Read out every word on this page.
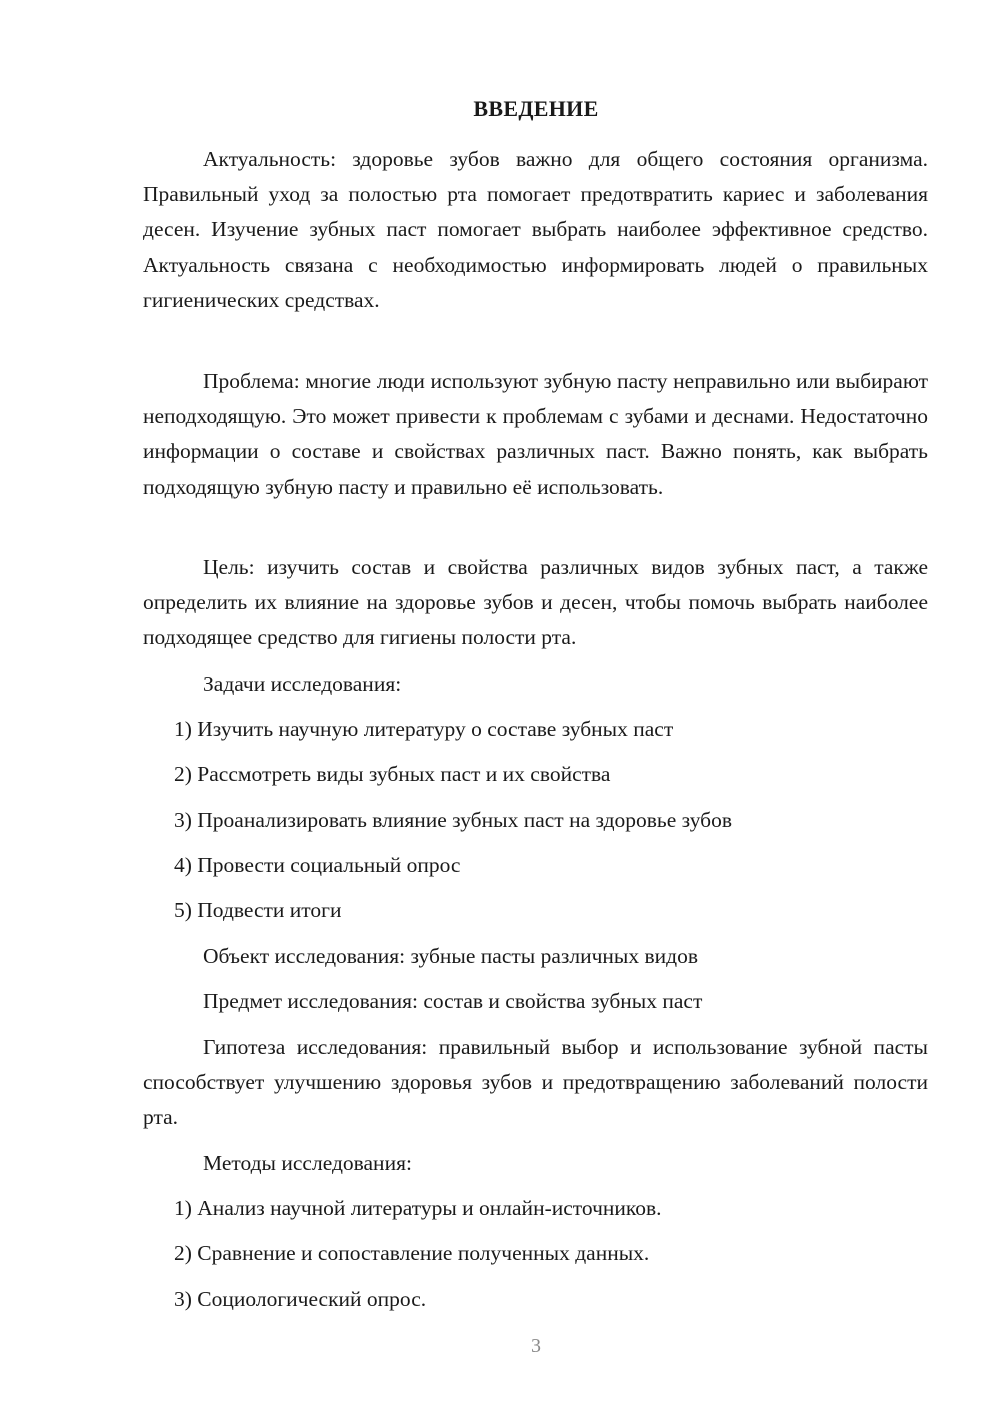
ВВЕДЕНИЕ
Актуальность: здоровье зубов важно для общего состояния организма. Правильный уход за полостью рта помогает предотвратить кариес и заболевания десен. Изучение зубных паст помогает выбрать наиболее эффективное средство. Актуальность связана с необходимостью информировать людей о правильных гигиенических средствах.
Проблема: многие люди используют зубную пасту неправильно или выбирают неподходящую. Это может привести к проблемам с зубами и деснами. Недостаточно информации о составе и свойствах различных паст. Важно понять, как выбрать подходящую зубную пасту и правильно её использовать.
Цель: изучить состав и свойства различных видов зубных паст, а также определить их влияние на здоровье зубов и десен, чтобы помочь выбрать наиболее подходящее средство для гигиены полости рта.
Задачи исследования:
1) Изучить научную литературу о составе зубных паст
2) Рассмотреть виды зубных паст и их свойства
3) Проанализировать влияние зубных паст на здоровье зубов
4) Провести социальный опрос
5) Подвести итоги
Объект исследования: зубные пасты различных видов
Предмет исследования: состав и свойства зубных паст
Гипотеза исследования: правильный выбор и использование зубной пасты способствует улучшению здоровья зубов и предотвращению заболеваний полости рта.
Методы исследования:
1) Анализ научной литературы и онлайн-источников.
2) Сравнение и сопоставление полученных данных.
3) Социологический опрос.
3
